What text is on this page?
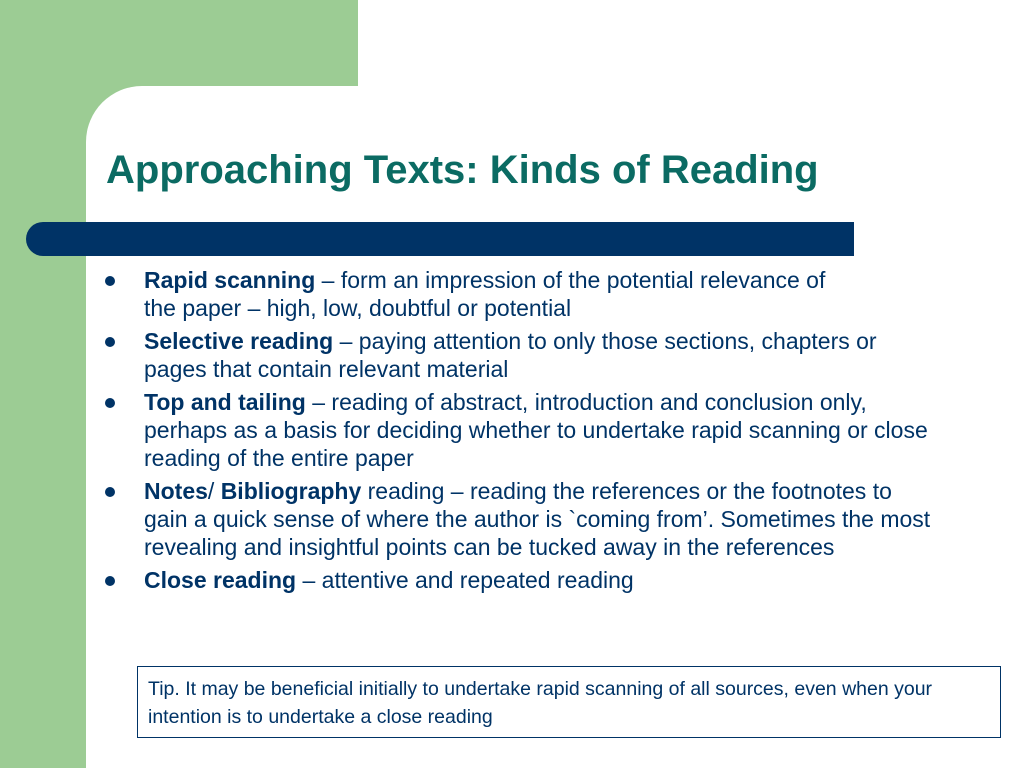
Approaching Texts: Kinds of Reading
Rapid scanning – form an impression of the potential relevance of the paper – high, low, doubtful or potential
Selective reading – paying attention to only those sections, chapters or pages that contain relevant material
Top and tailing – reading of abstract, introduction and conclusion only, perhaps as a basis for deciding whether to undertake rapid scanning or close reading of the entire paper
Notes/ Bibliography reading – reading the references or the footnotes to gain a quick sense of where the author is `coming from’. Sometimes the most revealing and insightful points can be tucked away in the references
Close reading – attentive and repeated reading
Tip. It may be beneficial initially to undertake rapid scanning of all sources, even when your intention is to undertake a close reading
